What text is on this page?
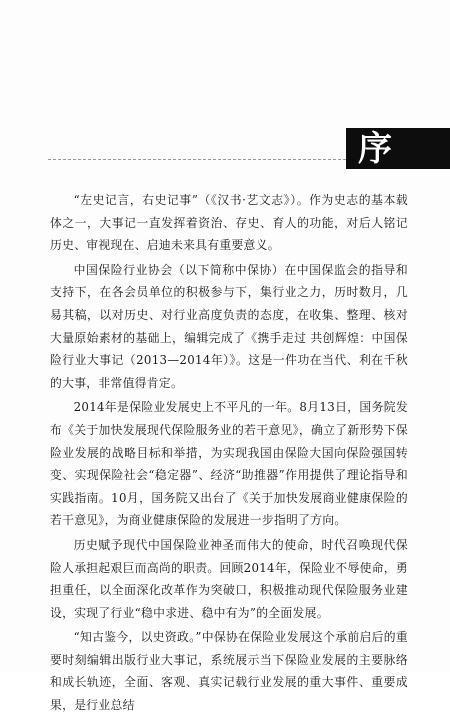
序

“左史记言，右史记事”（《汉书·艺文志》）。作为史志的基本载体之一，大事记一直发挥着资治、存史、育人的功能，对后人铭记历史、审视现在、启迪未来具有重要意义。

中国保险行业协会（以下简称中保协）在中国保监会的指导和支持下，在各会员单位的积极参与下，集行业之力，历时数月，几易其稿，以对历史、对行业高度负责的态度，在收集、整理、核对大量原始素材的基础上，编辑完成了《携手走过 共创辉煌：中国保险行业大事记（2013—2014年）》。这是一件功在当代、利在千秋的大事，非常值得肯定。

2014年是保险业发展史上不平凡的一年。8月13日，国务院发布《关于加快发展现代保险服务业的若干意见》，确立了新形势下保险业发展的战略目标和举措，为实现我国由保险大国向保险强国转变、实现保险社会“稳定器”、经济“助推器”作用提供了理论指导和实践指南。10月，国务院又出台了《关于加快发展商业健康保险的若干意见》，为商业健康保险的发展进一步指明了方向。

历史赋予现代中国保险业神圣而伟大的使命，时代召唤现代保险人承担起艰巨而高尚的职责。回顾2014年，保险业不辱使命，勇担重任，以全面深化改革作为突破口，积极推动现代保险服务业建设，实现了行业“稳中求进、稳中有为”的全面发展。

“知古鉴今，以史资政。”中保协在保险业发展这个承前启后的重要时刻编辑出版行业大事记，系统展示当下保险业发展的主要脉络和成长轨迹，全面、客观、真实记载行业发展的重大事件、重要成果，是行业总结
